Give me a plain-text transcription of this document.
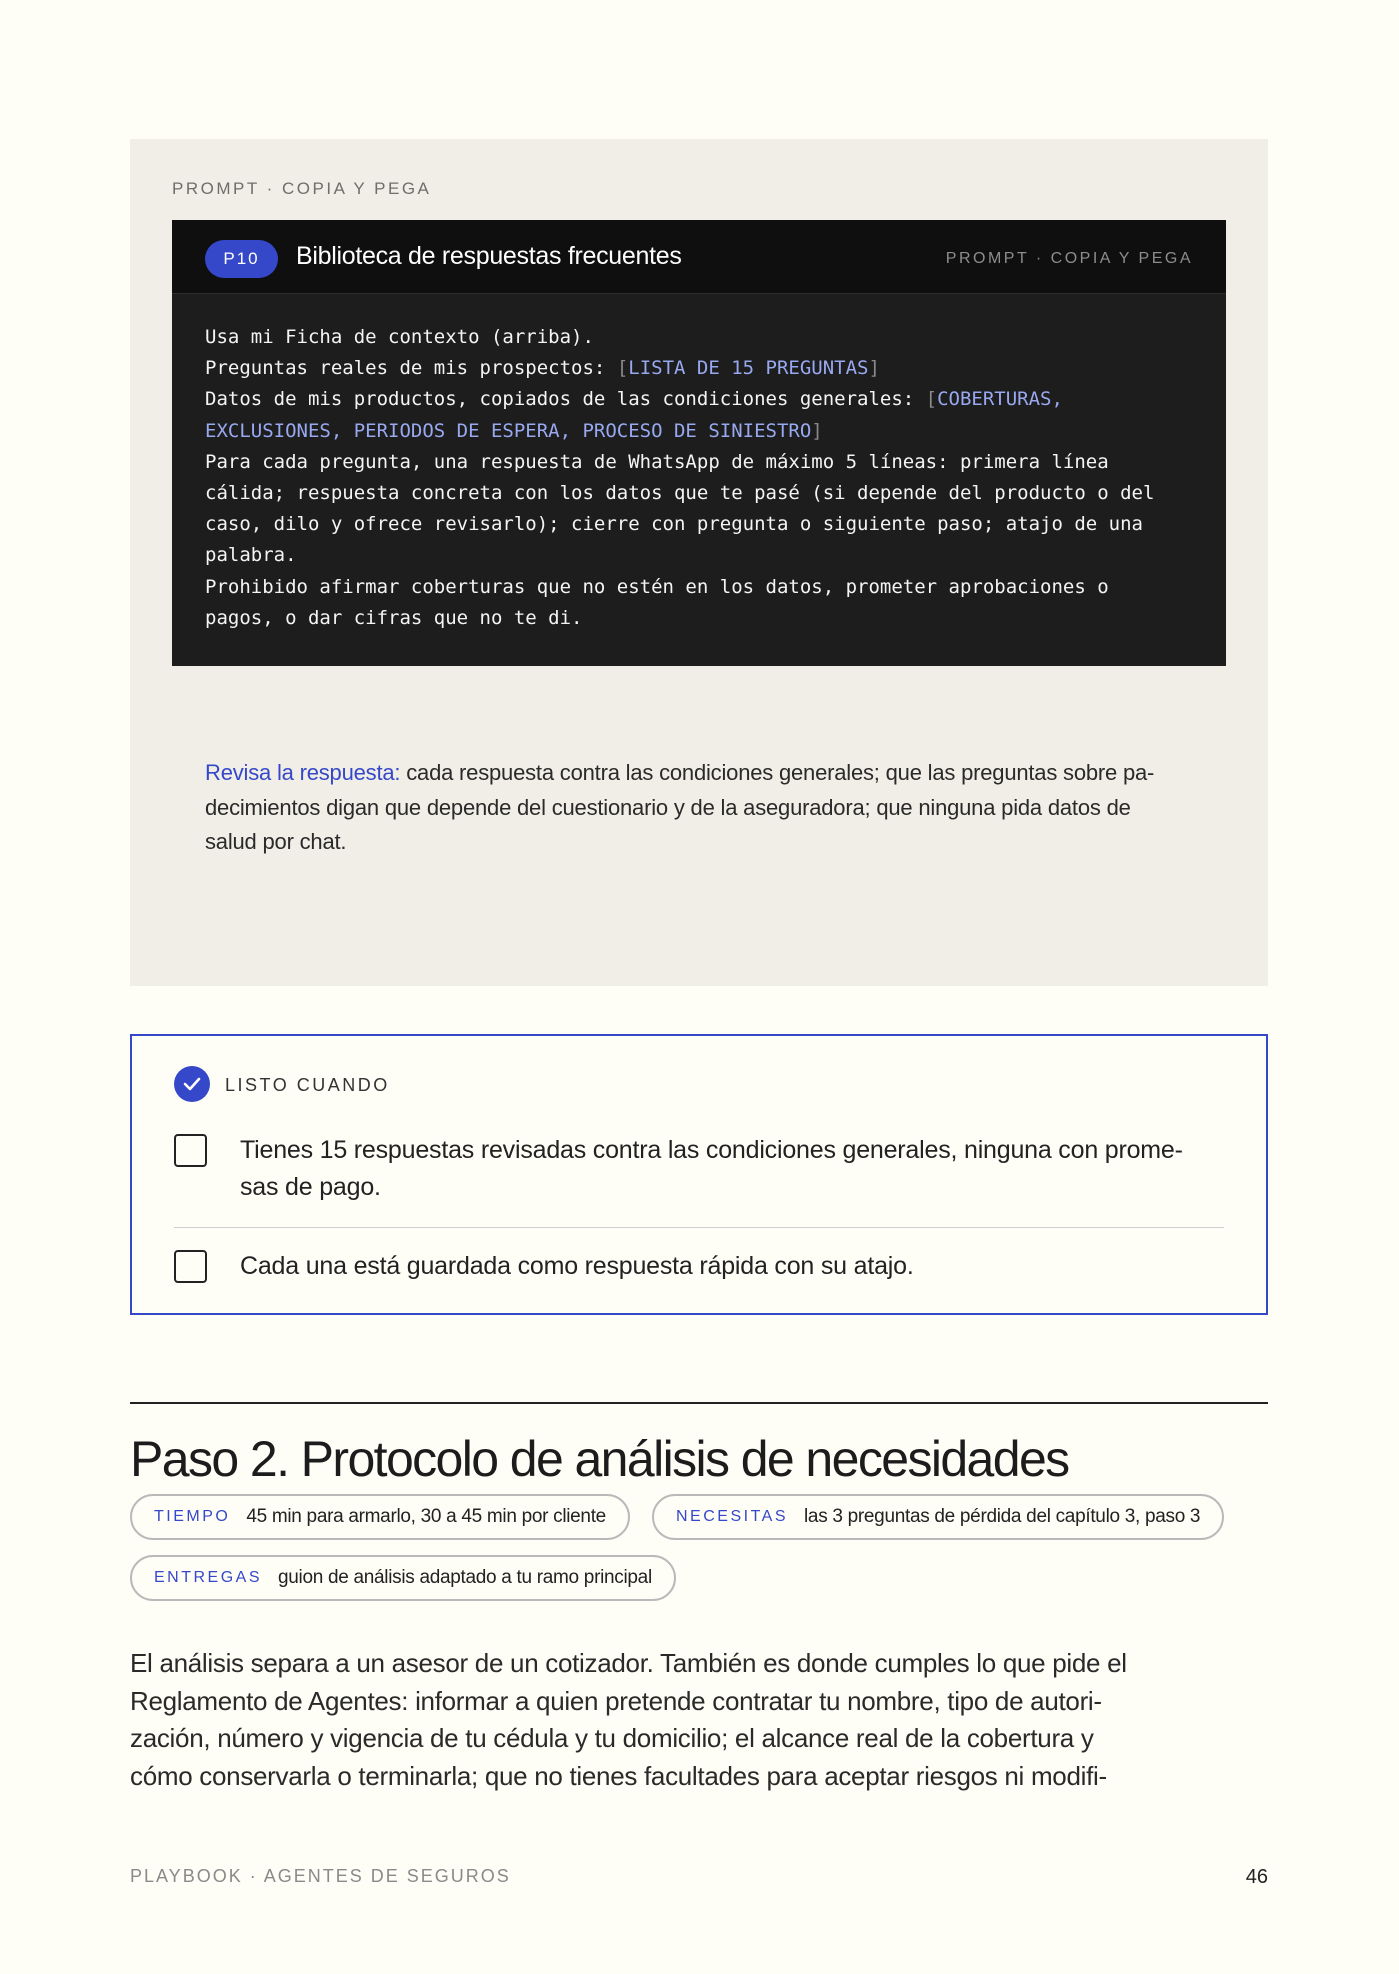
PROMPT · COPIA Y PEGA
P10	Biblioteca de respuestas frecuentes	PROMPT · COPIA Y PEGA
Usa mi Ficha de contexto (arriba).
Preguntas reales de mis prospectos: [LISTA DE 15 PREGUNTAS]
Datos de mis productos, copiados de las condiciones generales: [COBERTURAS,
EXCLUSIONES, PERIODOS DE ESPERA, PROCESO DE SINIESTRO]
Para cada pregunta, una respuesta de WhatsApp de máximo 5 líneas: primera línea
cálida; respuesta concreta con los datos que te pasé (si depende del producto o del
caso, dilo y ofrece revisarlo); cierre con pregunta o siguiente paso; atajo de una
palabra.
Prohibido afirmar coberturas que no estén en los datos, prometer aprobaciones o
pagos, o dar cifras que no te di.
Revisa la respuesta: cada respuesta contra las condiciones generales; que las preguntas sobre pa-
decimientos digan que depende del cuestionario y de la aseguradora; que ninguna pida datos de
salud por chat.
LISTO CUANDO
Tienes 15 respuestas revisadas contra las condiciones generales, ninguna con prome-
sas de pago.
Cada una está guardada como respuesta rápida con su atajo.
Paso 2. Protocolo de análisis de necesidades
TIEMPO 45 min para armarlo, 30 a 45 min por cliente	NECESITAS las 3 preguntas de pérdida del capítulo 3, paso 3
ENTREGAS guion de análisis adaptado a tu ramo principal
El análisis separa a un asesor de un cotizador. También es donde cumples lo que pide el
Reglamento de Agentes: informar a quien pretende contratar tu nombre, tipo de autori-
zación, número y vigencia de tu cédula y tu domicilio; el alcance real de la cobertura y
cómo conservarla o terminarla; que no tienes facultades para aceptar riesgos ni modifi-
PLAYBOOK · AGENTES DE SEGUROS	46
